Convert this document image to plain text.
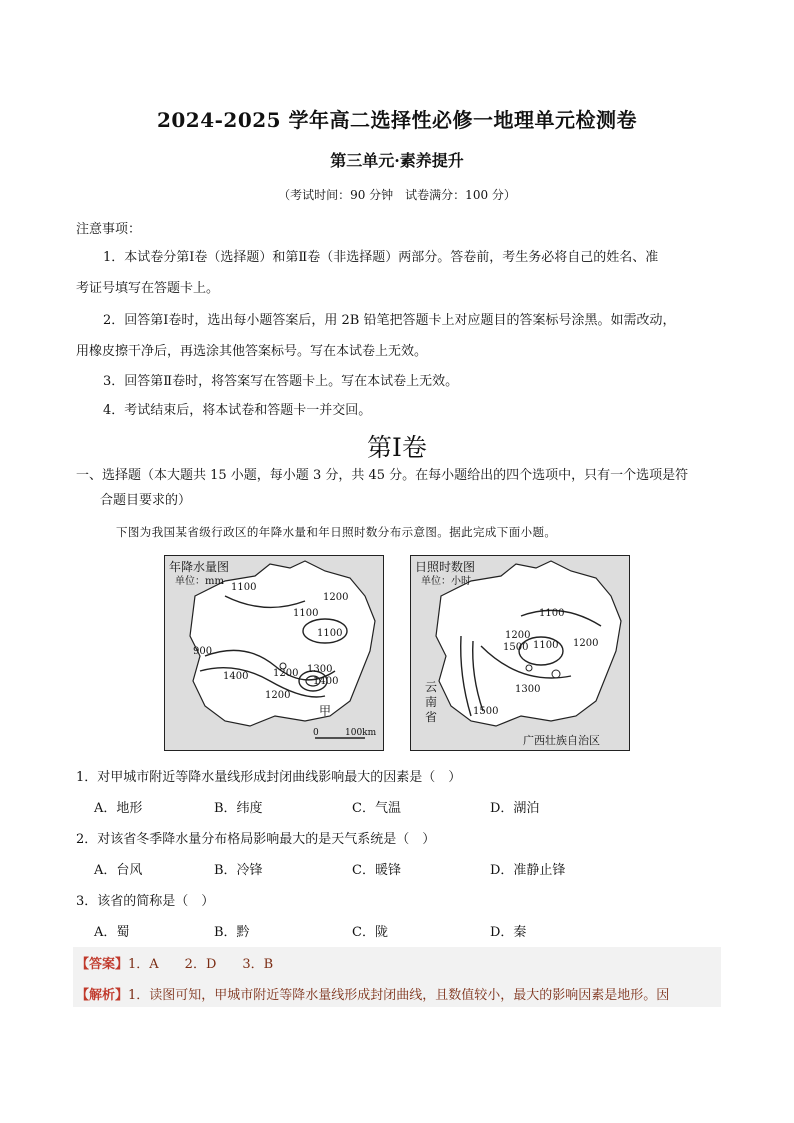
2024-2025 学年高二选择性必修一地理单元检测卷
第三单元·素养提升
（考试时间：90 分钟　试卷满分：100 分）
注意事项：
1．本试卷分第Ⅰ卷（选择题）和第Ⅱ卷（非选择题）两部分。答卷前，考生务必将自己的姓名、准
考证号填写在答题卡上。
2．回答第Ⅰ卷时，选出每小题答案后，用 2B 铅笔把答题卡上对应题目的答案标号涂黑。如需改动，
用橡皮擦干净后，再选涂其他答案标号。写在本试卷上无效。
3．回答第Ⅱ卷时，将答案写在答题卡上。写在本试卷上无效。
4．考试结束后，将本试卷和答题卡一并交回。
第Ⅰ卷
一、选择题（本大题共 15 小题，每小题 3 分，共 45 分。在每小题给出的四个选项中，只有一个选项是符
合题目要求的）
下图为我国某省级行政区的年降水量和年日照时数分布示意图。据此完成下面小题。
年降水量图
单位：mm
1100
1200
1100
1100
900
1400 1200 1300
1400
1200
甲
0	100km
日照时数图
单位：小时
1100
1200
1500 1100 1200
1300
1500
云南省
广西壮族自治区
1．对甲城市附近等降水量线形成封闭曲线影响最大的因素是（　）
A．地形	B．纬度	C．气温	D．湖泊
2．对该省冬季降水量分布格局影响最大的是天气系统是（　）
A．台风	B．冷锋	C．暖锋	D．准静止锋
3．该省的简称是（　）
A．蜀	B．黔	C．陇	D．秦
【答案】1．A　　2．D　　3．B
【解析】1．读图可知，甲城市附近等降水量线形成封闭曲线，且数值较小，最大的影响因素是地形。因
